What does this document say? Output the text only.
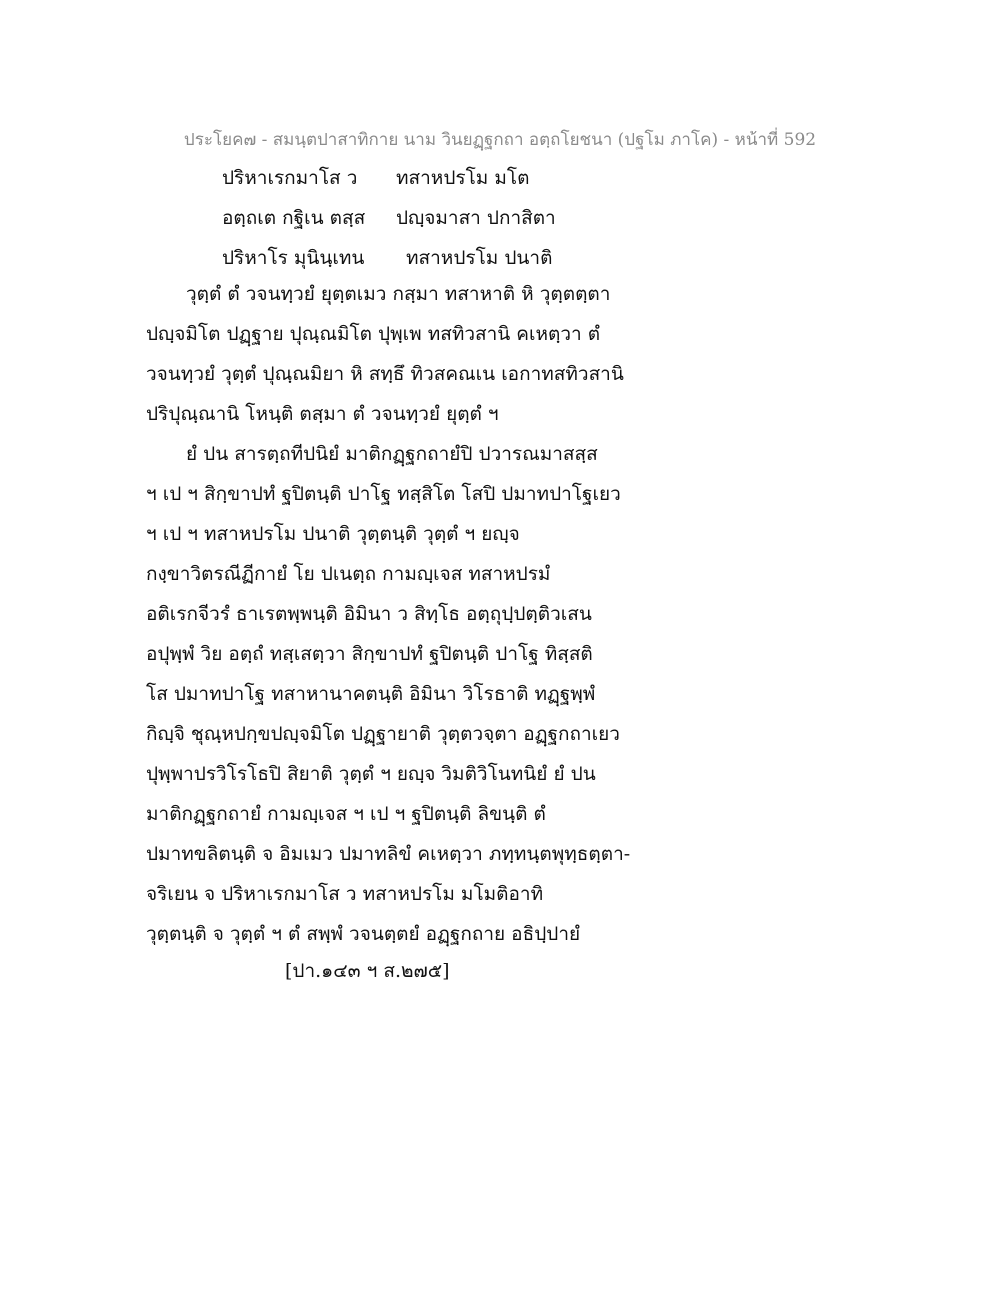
ประโยค๗ - สมนฺตปาสาทิกาย นาม วินยฏฺฐกถา อตฺถโยชนา (ปฐโม ภาโค) - หน้าที่ 592
ปริหาเรกมาโส ว ทสาหปรโม มโต
อตฺถเต กฐิเน ตสฺส ปญฺจมาสา ปกาสิตา
ปริหาโร มุนินฺเทน ทสาหปรโม ปนาติ
วุตฺตํ ตํ วจนทฺวยํ ยุตฺตเมว กสฺมา ทสาหาติ หิ วุตฺตตฺตา
ปญฺจมิโต ปฏฺฐาย ปุณฺณมิโต ปุพฺเพ ทสทิวสานิ คเหตฺวา ตํ
วจนทฺวยํ วุตฺตํ ปุณฺณมิยา หิ สทฺธึ ทิวสคณเน เอกาทสทิวสานิ
ปริปุณฺณานิ โหนฺติ ตสฺมา ตํ วจนทฺวยํ ยุตฺตํ ฯ
ยํ ปน สารตฺถทีปนิยํ มาติกฏฺฐกถายํปิ ปวารณมาสสฺส
ฯ เป ฯ สิกฺขาปทํ ฐปิตนฺติ ปาโฐ ทสฺสิโต โสปิ ปมาทปาโฐเยว
ฯ เป ฯ ทสาหปรโม ปนาติ วุตฺตนฺติ วุตฺตํ ฯ ยญฺจ
กงฺขาวิตรณีฏีกายํ โย ปเนตฺถ กามญฺเจส ทสาหปรมํ
อติเรกจีวรํ ธาเรตพฺพนฺติ อิมินา ว สิทฺโธ อตฺถุปฺปตฺติวเสน
อปุพฺพํ วิย อตฺถํ ทสฺเสตฺวา สิกฺขาปทํ ฐปิตนฺติ ปาโฐ ทิสฺสติ
โส ปมาทปาโฐ ทสาหานาคตนฺติ อิมินา วิโรธาติ ทฏฺฐพฺพํ
กิญฺจิ ชุณฺหปกฺขปญฺจมิโต ปฏฺฐายาติ วุตฺตวจฺตา อฏฺฐกถาเยว
ปุพฺพาปรวิโรโธปิ สิยาติ วุตฺตํ ฯ ยญฺจ วิมติวิโนทนิยํ ยํ ปน
มาติกฏฺฐกถายํ กามญฺเจส ฯ เป ฯ ฐปิตนฺติ ลิขนฺติ ตํ
ปมาทขลิตนฺติ จ อิมเมว ปมาทลิขํ คเหตฺวา ภทฺทนฺตพุทฺธตฺตา-
จริเยน จ ปริหาเรกมาโส ว ทสาหปรโม มโมติอาทิ
วุตฺตนฺติ จ วุตฺตํ ฯ ตํ สพฺพํ วจนตฺตยํ อฏฺฐกถาย อธิปฺปายํ
[ปา.๑๔๓ ฯ ส.๒๗๕]
